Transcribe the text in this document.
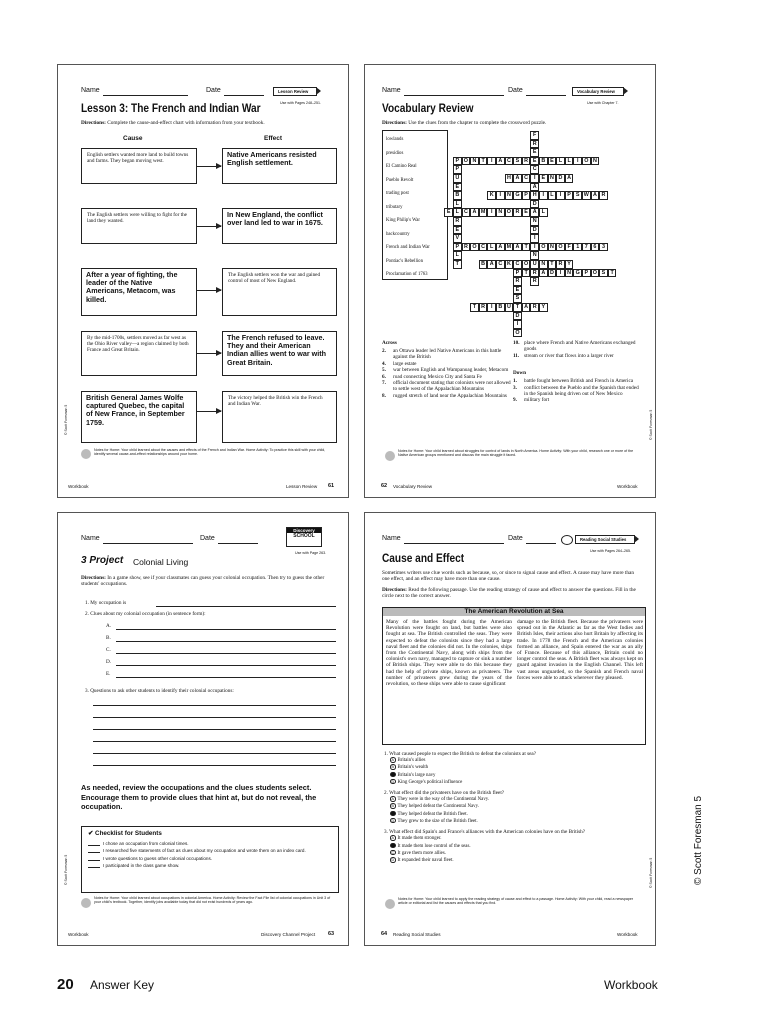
Name	Date	Lesson Review
Use with Pages 248–251.
Lesson 3: The French and Indian War
Directions: Complete the cause-and-effect chart with information from your textbook.
Cause	Effect
English settlers wanted more land to build towns and farms. They began moving west.
Native Americans resisted English settlement.
The English settlers were willing to fight for the land they wanted.
In New England, the conflict over land led to war in 1675.
After a year of fighting, the leader of the Native Americans, Metacom, was killed.
The English settlers won the war and gained control of most of New England.
By the mid-1700s, settlers moved as far west as the Ohio River valley—a region claimed by both France and Great Britain.
The French refused to leave. They and their American Indian allies went to war with Great Britain.
British General James Wolfe captured Quebec, the capital of New France, in September 1759.
The victory helped the British win the French and Indian War.
© Scott Foresman 5
Notes for Home: Your child learned about the causes and effects of the French and Indian War. Home Activity: To practice this skill with your child, identify several cause-and-effect relationships around your home.
Workbook	Lesson Review 61
Name	Date	Vocabulary Review
Use with Chapter 7.
Vocabulary Review
Directions: Use the clues from the chapter to complete the crossword puzzle.
lowlands
presidios
El Camino Real
Pueblo Revolt
trading post
tributary
King Philip's War
backcountry
French and Indian War
Pontiac's Rebellion
Proclamation of 1763
F
R
E
E
C
I
A
H
D
A
N
D
I
I
N
U
R
R
P O N T	I	A C S R	B E L L	I	O N
H A C	E N D A
K	I	N G P	I	L	I	P S W A R
P
U
E
B
L
L
R
E
V
P
L
T
E	C A M	I	N O R E	L
R O C L A M A T	O N O F	1	7	6	3
B A C K C O	N T R Y
P
R
E
S
T
D
I
O
T	A D	I	N G P O S T
T R	I	B U	A R Y
Across
2.	an Ottawa leader led Native Americans in this battle against the British
4.	large estate
5.	war between English and Wampanoag leader, Metacom
6.	road connecting Mexico City and Santa Fe
7.	official document stating that colonists were not allowed to settle west of the Appalachian Mountains
8.	rugged stretch of land near the Appalachian Mountains
10. place where French and Native Americans exchanged goods
11. stream or river that flows into a larger river
Down
1.	battle fought between British and French in America
3.	conflict between the Pueblo and the Spanish that ended in the Spanish being driven out of New Mexico
9.	military fort
© Scott Foresman 5
Notes for Home: Your child learned about struggles for control of lands in North America. Home Activity: With your child, research one or more of the Native American groups mentioned and discuss the main struggle it faced.
62 Vocabulary Review	Workbook
Name	Date
Discovery
SCHOOL
Use with Page 263.
3 Project Colonial Living
Directions: In a game show, see if your classmates can guess your colonial occupation. Then try to guess the other students' occupations.
1. My occupation is
2. Clues about my colonial occupation (in sentence form):
A.
B.
C.
D.
E.
3. Questions to ask other students to identify their colonial occupations:
As needed, review the occupations and the clues students select. Encourage them to provide clues that hint at, but do not reveal, the occupation.
✔ Checklist for Students
I chose an occupation from colonial times.
I researched five statements of fact as clues about my occupation and wrote them on an index card.
I wrote questions to guess other colonial occupations.
I participated in the class game show.
© Scott Foresman 5
Notes for Home: Your child learned about occupations in colonial America. Home Activity: Review the Fact File list of colonial occupations in Unit 3 of your child's textbook. Together, identify jobs available today that did not exist hundreds of years ago.
Workbook	Discovery Channel Project 63
Name	Date	Reading Social Studies
Use with Pages 264–265.
Cause and Effect
Sometimes writers use clue words such as because, so, or since to signal cause and effect. A cause may have more than one effect, and an effect may have more than one cause.
Directions: Read the following passage. Use the reading strategy of cause and effect to answer the questions. Fill in the circle next to the correct answer.
The American Revolution at Sea
Many of the battles fought during the American Revolution were fought on land, but battles were also fought at sea. The British controlled the seas. They were expected to defeat the colonists since they had a large naval fleet and the colonies did not. In the colonies, ships from the Continental Navy, along with ships from the colonist's own navy, managed to capture or sink a number of British ships. They were able to do this because they had the help of private ships, known as privateers. The number of privateers grew during the years of the revolution, so these ships were able to cause significant
damage to the British fleet. Because the privateers were spread out in the Atlantic as far as the West Indies and British Isles, their actions also hurt Britain by affecting its trade. In 1778 the French and the American colonies formed an alliance, and Spain entered the war as an ally of France. Because of this alliance, Britain could no longer control the seas. A British fleet was always kept on guard against invasion in the English Channel. This left vast areas unguarded, so the Spanish and French naval forces were able to attack wherever they pleased.
1. What caused people to expect the British to defeat the colonists at sea?
A Britain's allies
B Britain's wealth
C Britain's large navy
D King George's political influence
2. What effect did the privateers have on the British fleet?
A They were in the way of the Continental Navy.
B They helped defeat the Continental Navy.
C They helped defeat the British fleet.
D They grew to the size of the British fleet.
3. What effect did Spain's and France's alliances with the American colonies have on the British?
A It made them stronger.
B It made them lose control of the seas.
C It gave them more allies.
D It expanded their naval fleet.	© Scott Foresman 5
Notes for Home: Your child learned to apply the reading strategy of cause and effect to a passage. Home Activity: With your child, read a newspaper article or editorial and list the causes and effects that you find.
64 Reading Social Studies	Workbook
20 Answer Key	Workbook
© Scott Foresman 5
